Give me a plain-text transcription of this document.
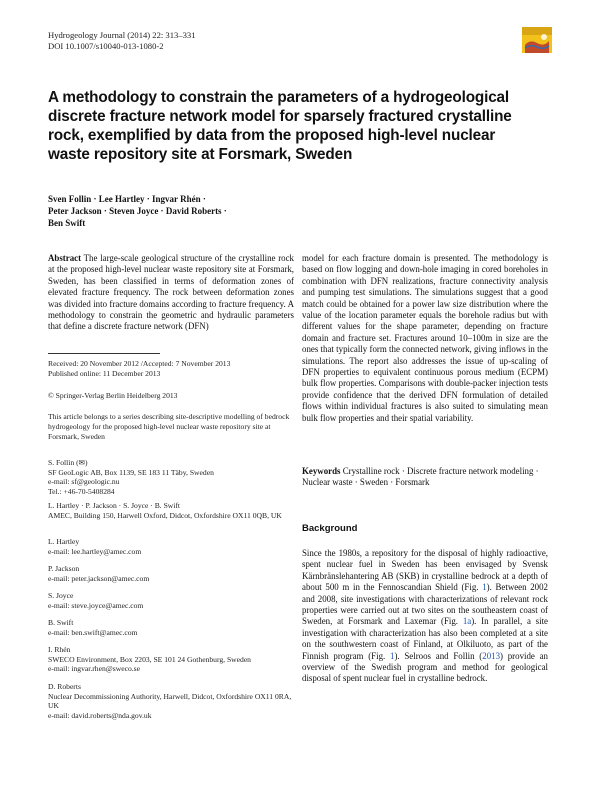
Hydrogeology Journal (2014) 22: 313–331
DOI 10.1007/s10040-013-1080-2
A methodology to constrain the parameters of a hydrogeological discrete fracture network model for sparsely fractured crystalline rock, exemplified by data from the proposed high-level nuclear waste repository site at Forsmark, Sweden
Sven Follin · Lee Hartley · Ingvar Rhén ·
Peter Jackson · Steven Joyce · David Roberts ·
Ben Swift
Abstract The large-scale geological structure of the crystalline rock at the proposed high-level nuclear waste repository site at Forsmark, Sweden, has been classified in terms of deformation zones of elevated fracture frequency. The rock between deformation zones was divided into fracture domains according to fracture frequency. A methodology to constrain the geometric and hydraulic parameters that define a discrete fracture network (DFN)
model for each fracture domain is presented. The methodology is based on flow logging and down-hole imaging in cored boreholes in combination with DFN realizations, fracture connectivity analysis and pumping test simulations. The simulations suggest that a good match could be obtained for a power law size distribution where the value of the location parameter equals the borehole radius but with different values for the shape parameter, depending on fracture domain and fracture set. Fractures around 10–100m in size are the ones that typically form the connected network, giving inflows in the simulations. The report also addresses the issue of up-scaling of DFN properties to equivalent continuous porous medium (ECPM) bulk flow properties. Comparisons with double-packer injection tests provide confidence that the derived DFN formulation of detailed flows within individual fractures is also suited to simulating mean bulk flow properties and their spatial variability.
Received: 20 November 2012 /Accepted: 7 November 2013
Published online: 11 December 2013
© Springer-Verlag Berlin Heidelberg 2013
This article belongs to a series describing site-descriptive modelling of bedrock hydrogeology for the proposed high-level nuclear waste repository site at Forsmark, Sweden
S. Follin (✉)
SF GeoLogic AB, Box 1139, SE 183 11 Täby, Sweden
e-mail: sf@geologic.nu
Tel.: +46-70-5408284
L. Hartley · P. Jackson · S. Joyce · B. Swift
AMEC, Building 150, Harwell Oxford, Didcot, Oxfordshire OX11 0QB, UK
L. Hartley
e-mail: lee.hartley@amec.com
P. Jackson
e-mail: peter.jackson@amec.com
S. Joyce
e-mail: steve.joyce@amec.com
B. Swift
e-mail: ben.swift@amec.com
I. Rhén
SWECO Environment, Box 2203, SE 101 24 Gothenburg, Sweden
e-mail: ingvar.rhen@sweco.se
D. Roberts
Nuclear Decommissioning Authority, Harwell, Didcot, Oxfordshire OX11 0RA, UK
e-mail: david.roberts@nda.gov.uk
Keywords Crystalline rock · Discrete fracture network modeling · Nuclear waste · Sweden · Forsmark
Background
Since the 1980s, a repository for the disposal of highly radioactive, spent nuclear fuel in Sweden has been envisaged by Svensk Kärnbränslehantering AB (SKB) in crystalline bedrock at a depth of about 500 m in the Fennoscandian Shield (Fig. 1). Between 2002 and 2008, site investigations with characterizations of relevant rock properties were carried out at two sites on the southeastern coast of Sweden, at Forsmark and Laxemar (Fig. 1a). In parallel, a site investigation with characterization has also been completed at a site on the southwestern coast of Finland, at Olkiluoto, as part of the Finnish program (Fig. 1). Selroos and Follin (2013) provide an overview of the Swedish program and method for geological disposal of spent nuclear fuel in crystalline bedrock.
